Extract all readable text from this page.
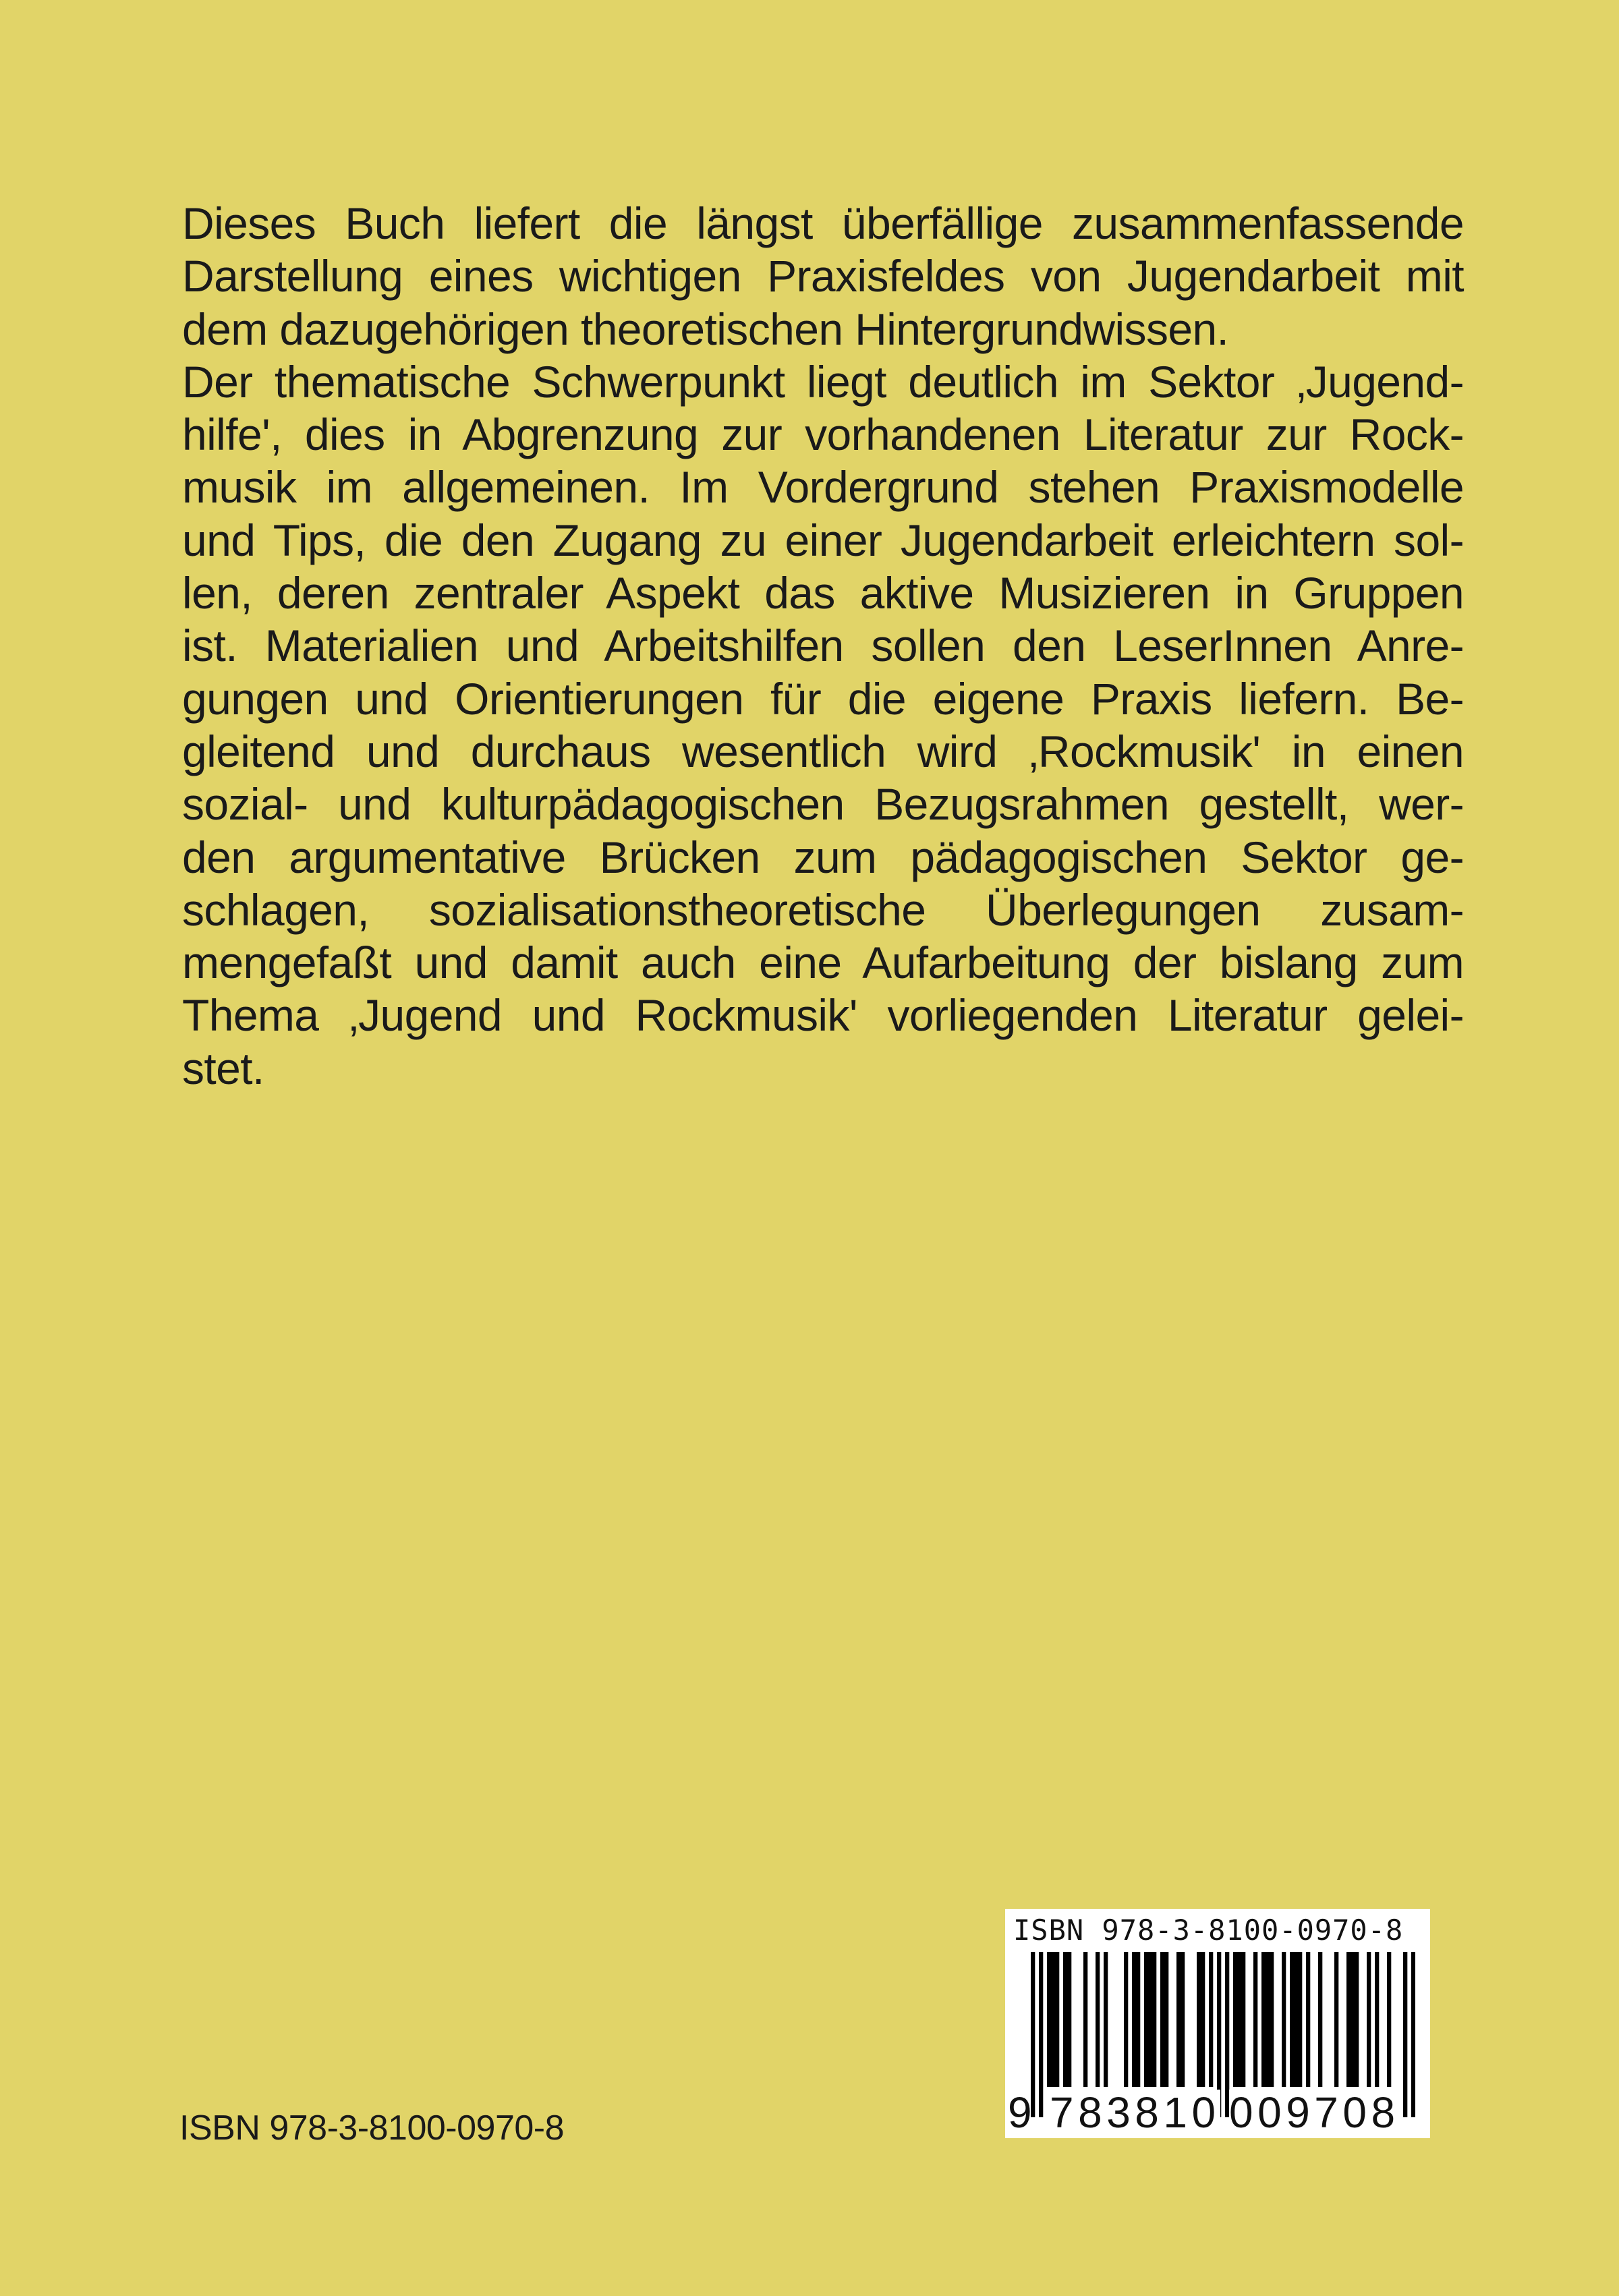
Dieses Buch liefert die längst überfällige zusammenfassende
Darstellung eines wichtigen Praxisfeldes von Jugendarbeit mit
dem dazugehörigen theoretischen Hintergrundwissen.
Der thematische Schwerpunkt liegt deutlich im Sektor ‚Jugend-
hilfe', dies in Abgrenzung zur vorhandenen Literatur zur Rock-
musik im allgemeinen. Im Vordergrund stehen Praxismodelle
und Tips, die den Zugang zu einer Jugendarbeit erleichtern sol-
len, deren zentraler Aspekt das aktive Musizieren in Gruppen
ist. Materialien und Arbeitshilfen sollen den LeserInnen Anre-
gungen und Orientierungen für die eigene Praxis liefern. Be-
gleitend und durchaus wesentlich wird ‚Rockmusik' in einen
sozial- und kulturpädagogischen Bezugsrahmen gestellt, wer-
den argumentative Brücken zum pädagogischen Sektor ge-
schlagen, sozialisationstheoretische Überlegungen zusam-
mengefaßt und damit auch eine Aufarbeitung der bislang zum
Thema ‚Jugend und Rockmusik' vorliegenden Literatur gelei-
stet.
ISBN 978-3-8100-0970-8
9 783810 009708
ISBN 978-3-8100-0970-8
